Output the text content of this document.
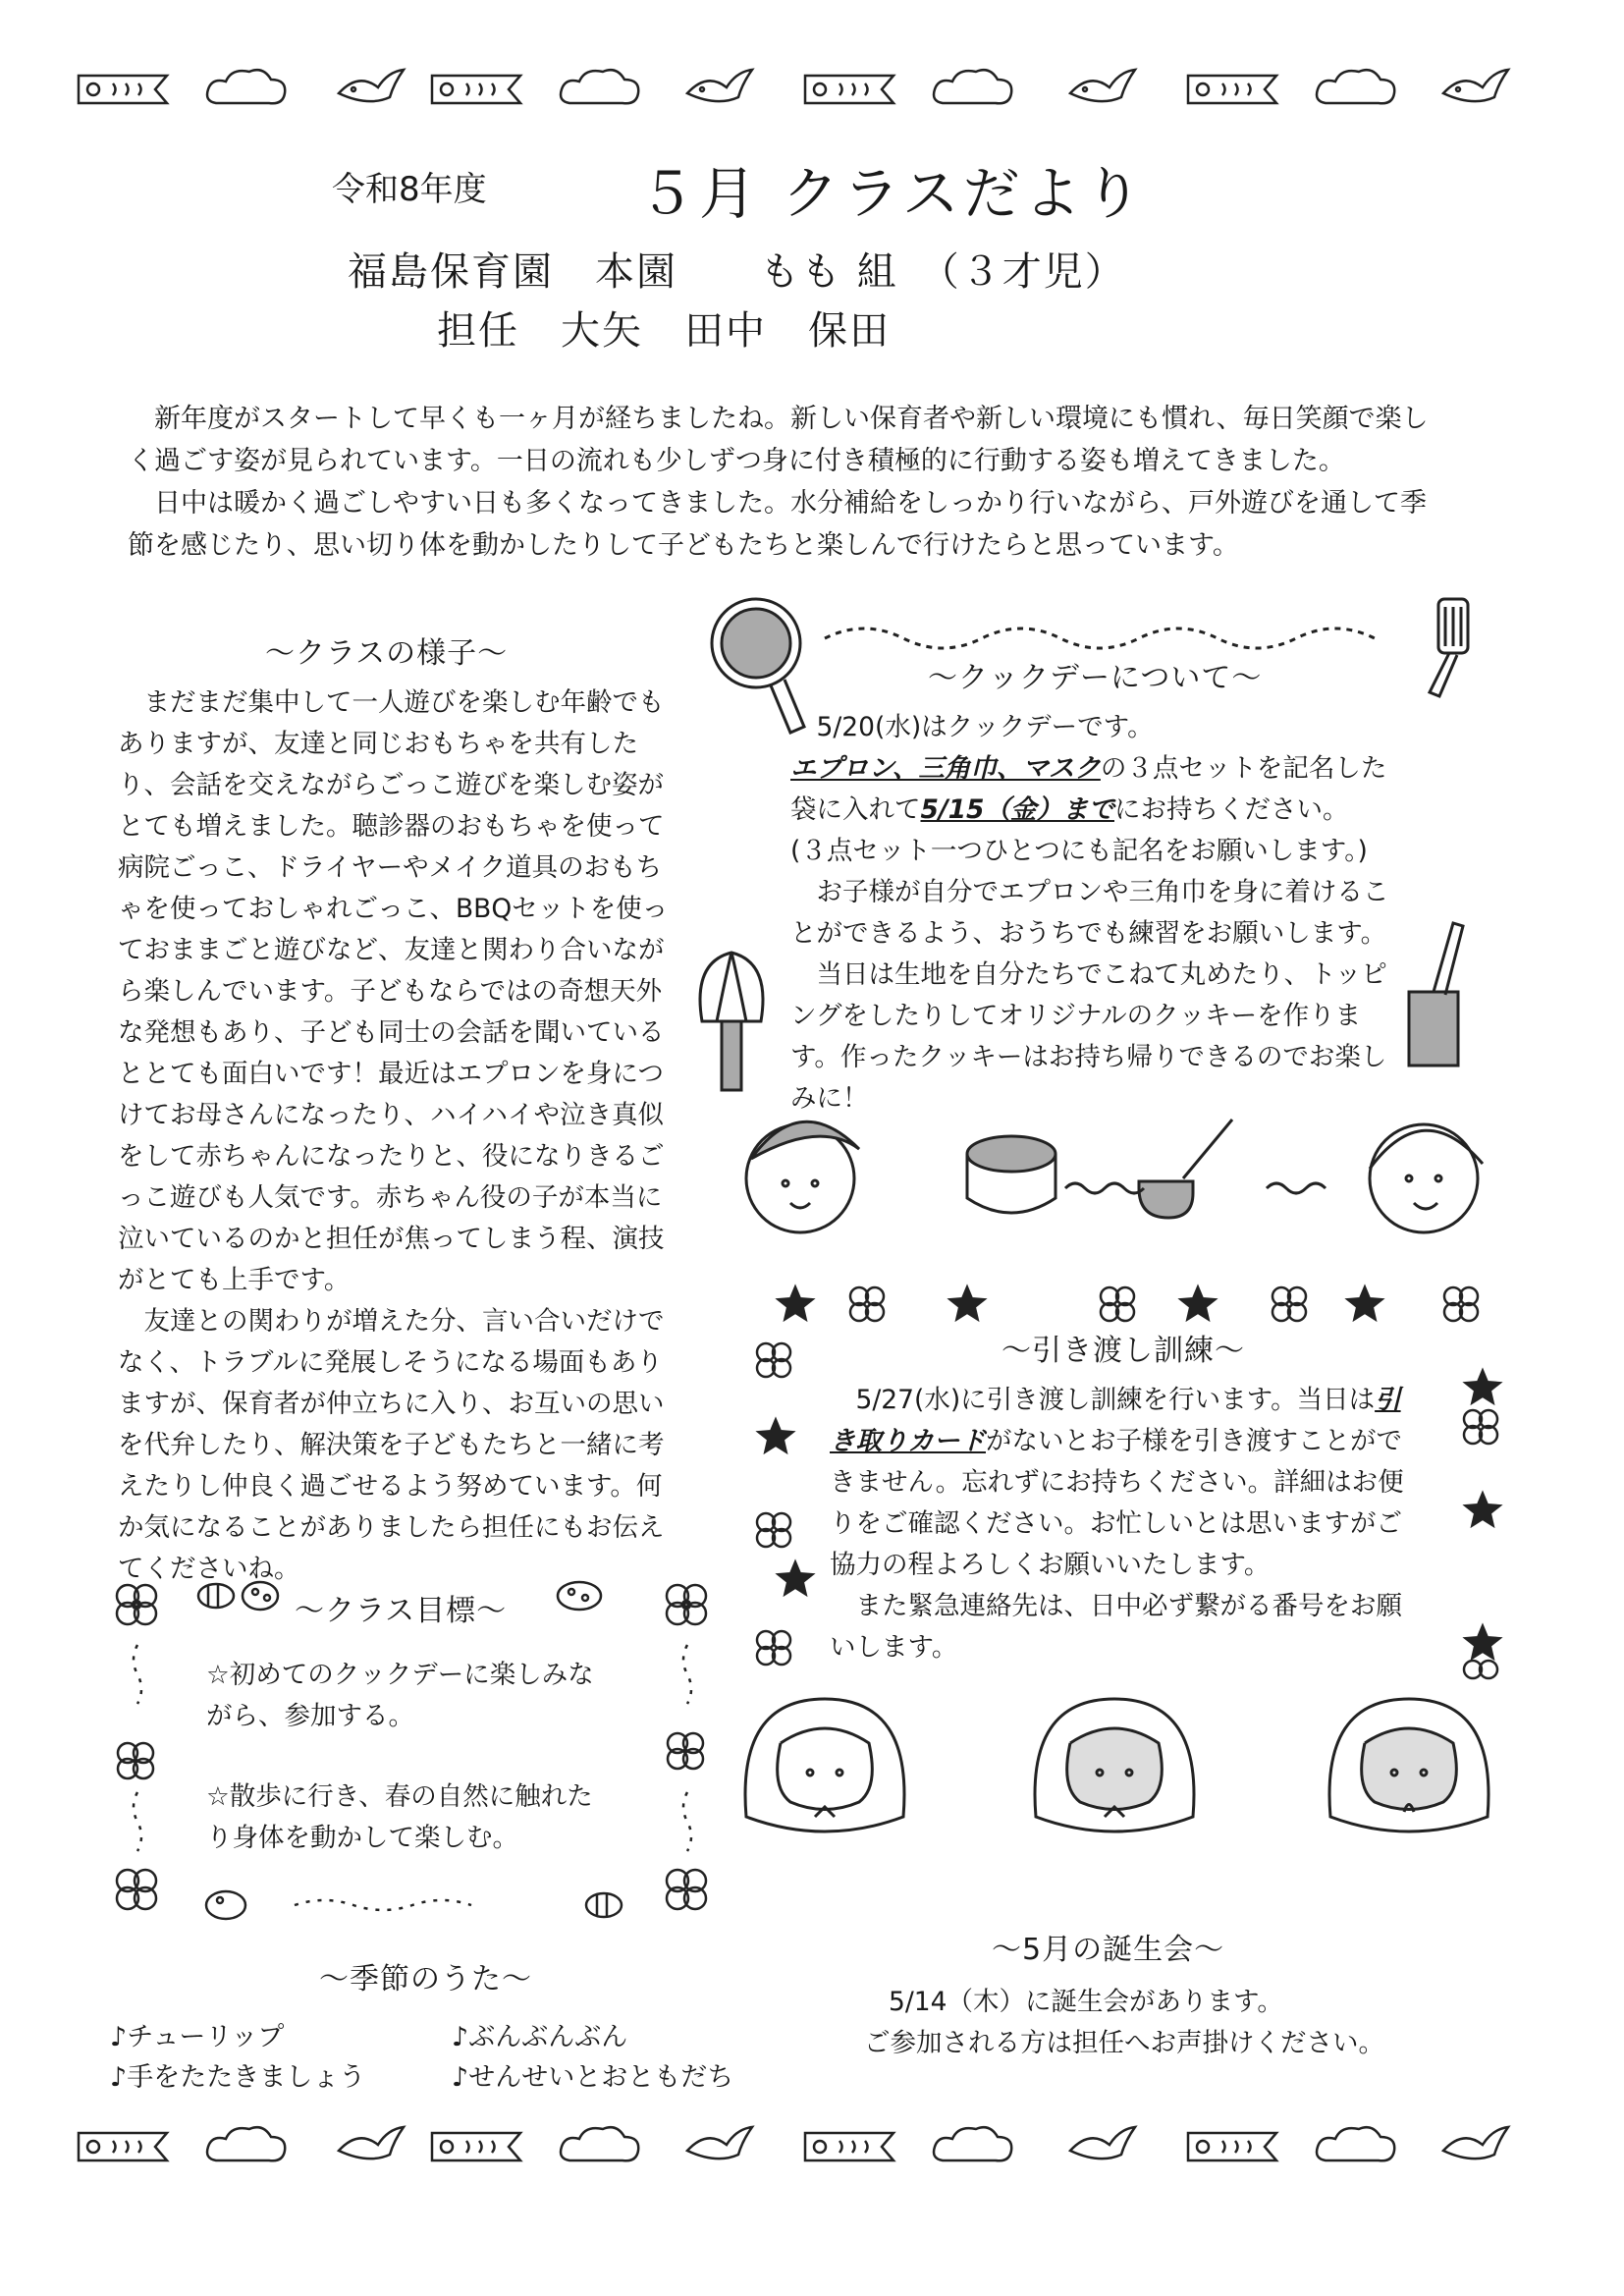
令和8年度	５月 クラスだより
福島保育園　本園　　もも 組　（３才児）
担任　大矢　田中　保田

新年度がスタートして早くも一ヶ月が経ちましたね。新しい保育者や新しい環境にも慣れ、毎日笑顔で楽しく過ごす姿が見られています。一日の流れも少しずつ身に付き積極的に行動する姿も増えてきました。

日中は暖かく過ごしやすい日も多くなってきました。水分補給をしっかり行いながら、戸外遊びを通して季節を感じたり、思い切り体を動かしたりして子どもたちと楽しんで行けたらと思っています。

～クラスの様子～

まだまだ集中して一人遊びを楽しむ年齢でもありますが、友達と同じおもちゃを共有したり、会話を交えながらごっこ遊びを楽しむ姿がとても増えました。聴診器のおもちゃを使って病院ごっこ、ドライヤーやメイク道具のおもちゃを使っておしゃれごっこ、BBQセットを使っておままごと遊びなど、友達と関わり合いながら楽しんでいます。子どもならではの奇想天外な発想もあり、子ども同士の会話を聞いているととても面白いです！最近はエプロンを身につけてお母さんになったり、ハイハイや泣き真似をして赤ちゃんになったりと、役になりきるごっこ遊びも人気です。赤ちゃん役の子が本当に泣いているのかと担任が焦ってしまう程、演技がとても上手です。

友達との関わりが増えた分、言い合いだけでなく、トラブルに発展しそうになる場面もありますが、保育者が仲立ちに入り、お互いの思いを代弁したり、解決策を子どもたちと一緒に考えたりし仲良く過ごせるよう努めています。何か気になることがありましたら担任にもお伝えてくださいね。

～クラス目標～
☆初めてのクックデーに楽しみながら、参加する。
☆散歩に行き、春の自然に触れたり身体を動かして楽しむ。
～季節のうた～
♪チューリップ	♪ぶんぶんぶん
♪手をたたきましょう	♪せんせいとおともだち
～クックデーについて～

5/20(水)はクックデーです。

エプロン、三角巾、マスクの３点セットを記名した袋に入れて5/15（金）までにお持ちください。
(３点セット一つひとつにも記名をお願いします。)

お子様が自分でエプロンや三角巾を身に着けることができるよう、おうちでも練習をお願いします。

当日は生地を自分たちでこねて丸めたり、トッピングをしたりしてオリジナルのクッキーを作ります。作ったクッキーはお持ち帰りできるのでお楽しみに！

～引き渡し訓練～

5/27(水)に引き渡し訓練を行います。当日は引き取りカードがないとお子様を引き渡すことができません。忘れずにお持ちください。詳細はお便りをご確認ください。お忙しいとは思いますがご協力の程よろしくお願いいたします。

また緊急連絡先は、日中必ず繋がる番号をお願いします。

～5月の誕生会～
5/14（木）に誕生会があります。
ご参加される方は担任へお声掛けください。
